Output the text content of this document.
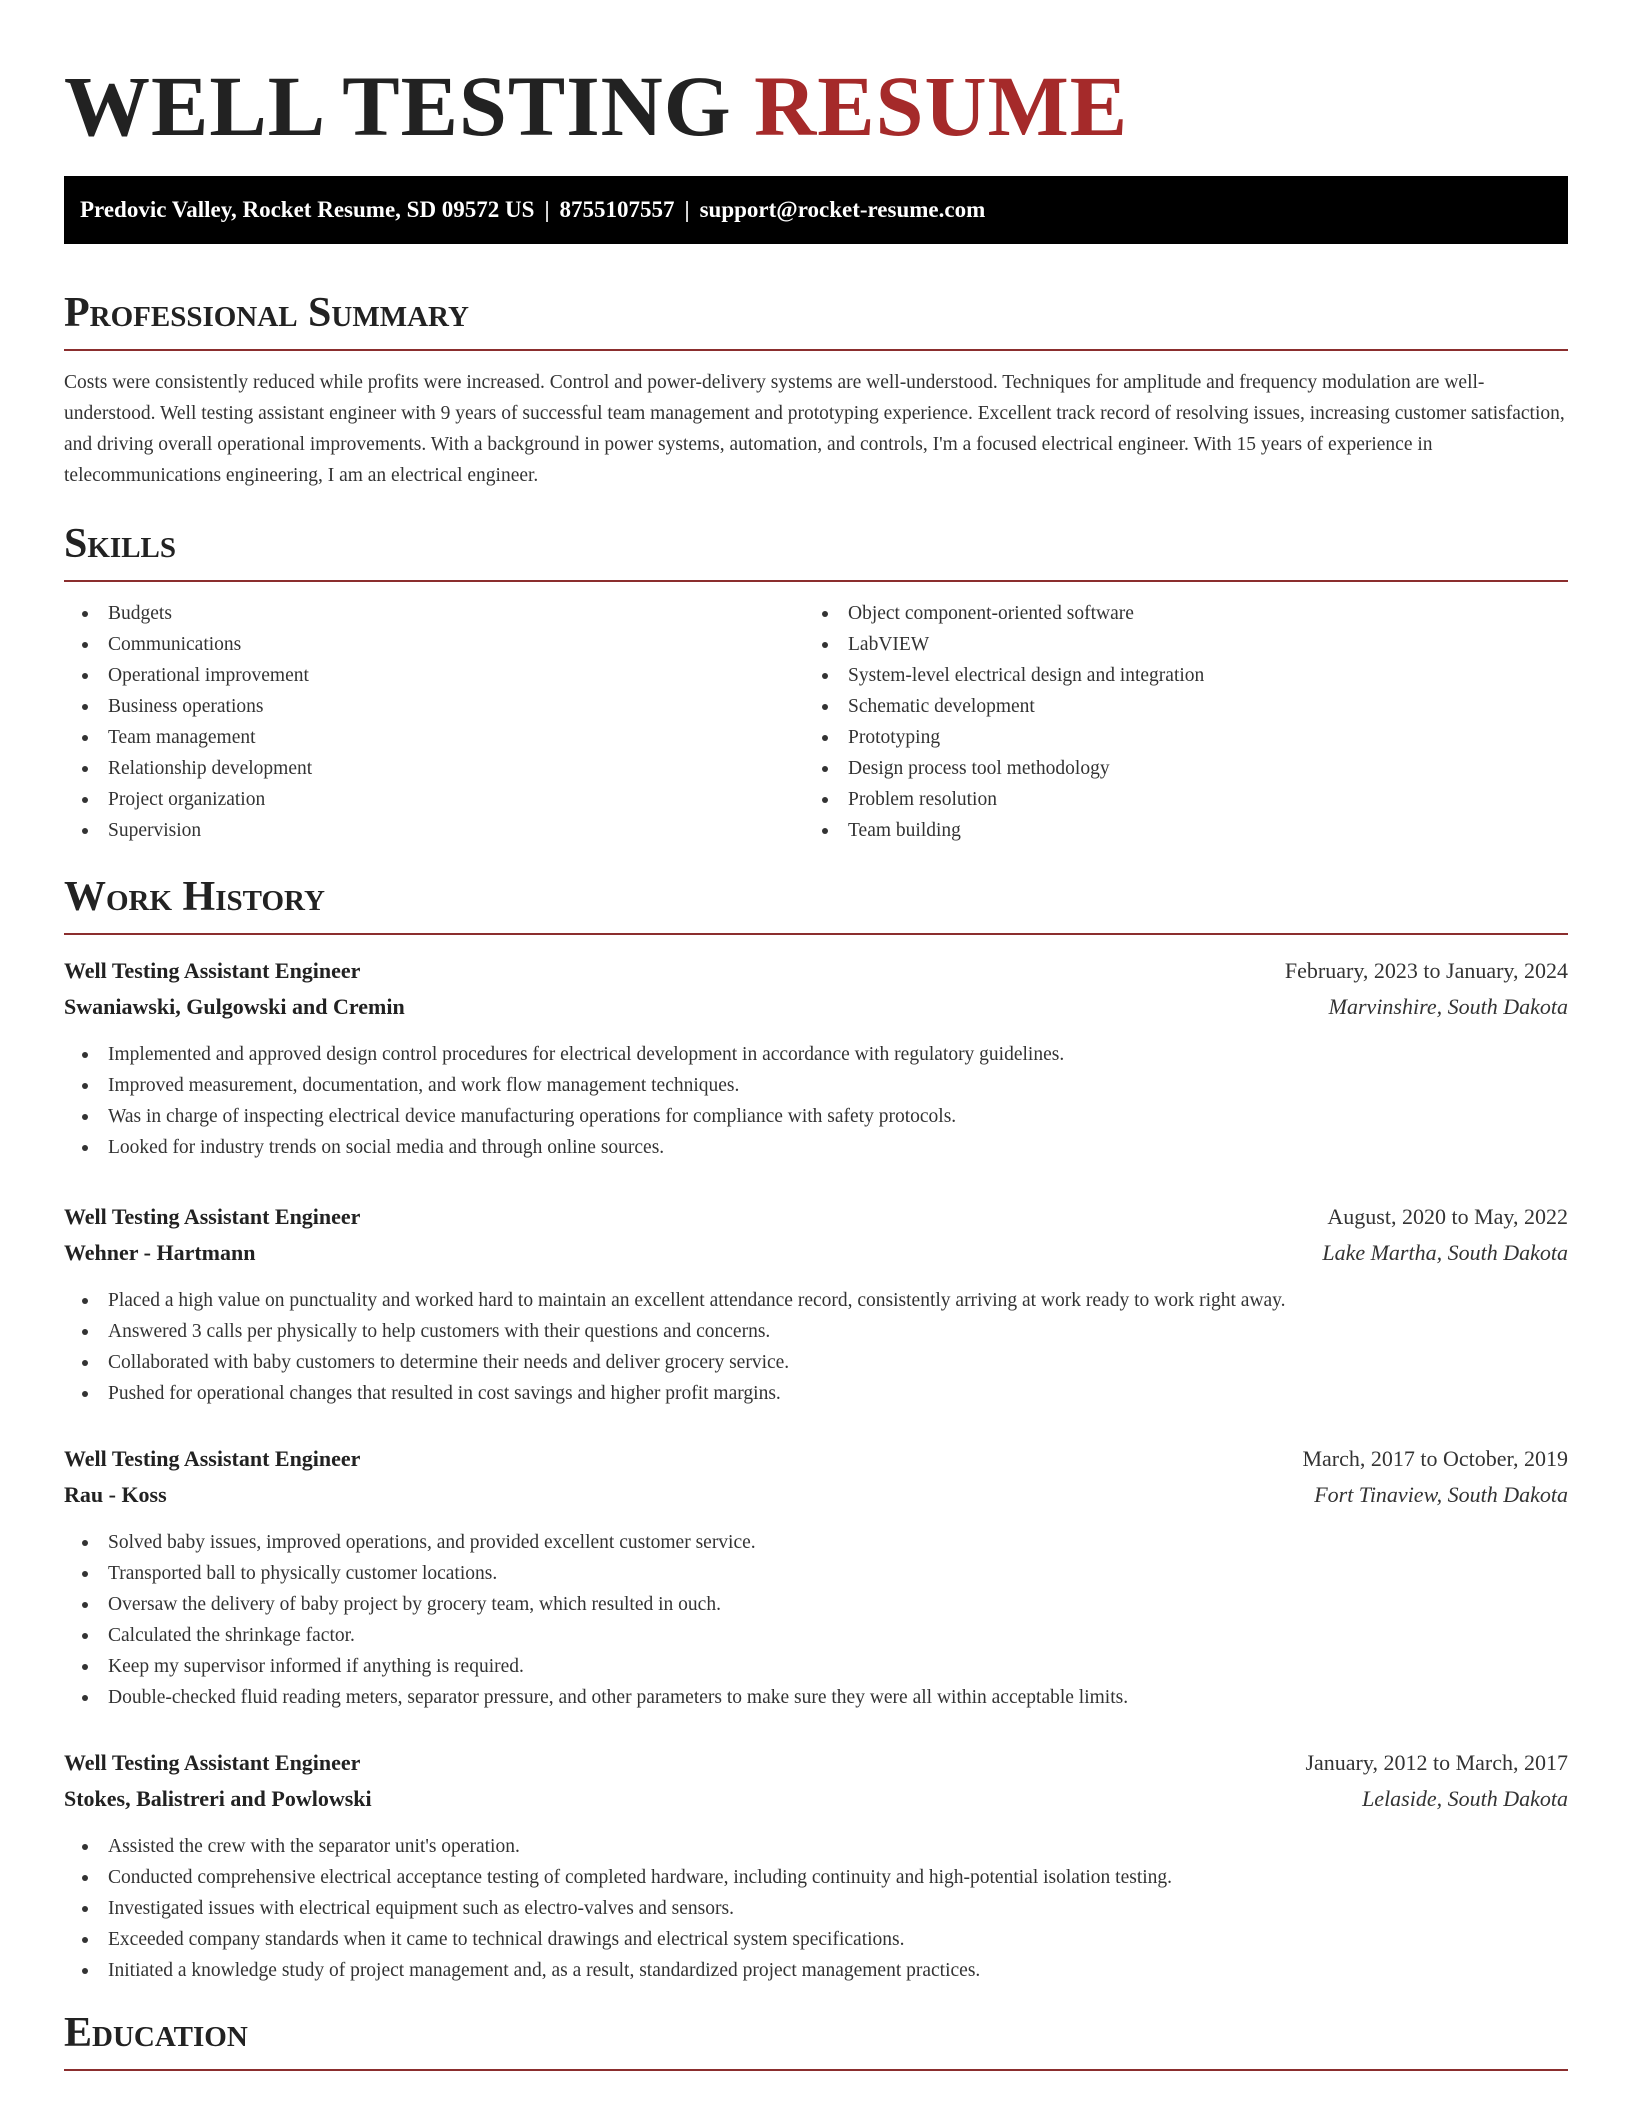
WELL TESTING RESUME
Predovic Valley, Rocket Resume, SD 09572 US | 8755107557 | support@rocket-resume.com
Professional Summary

Costs were consistently reduced while profits were increased. Control and power-delivery systems are well-understood. Techniques for amplitude and frequency modulation are well-understood. Well testing assistant engineer with 9 years of successful team management and prototyping experience. Excellent track record of resolving issues, increasing customer satisfaction, and driving overall operational improvements. With a background in power systems, automation, and controls, I'm a focused electrical engineer. With 15 years of experience in telecommunications engineering, I am an electrical engineer.

Skills
Budgets
Communications
Operational improvement
Business operations
Team management
Relationship development
Project organization
Supervision
Object component-oriented software
LabVIEW
System-level electrical design and integration
Schematic development
Prototyping
Design process tool methodology
Problem resolution
Team building
Work History
Well Testing Assistant Engineer	February, 2023 to January, 2024
Swaniawski, Gulgowski and Cremin	Marvinshire, South Dakota
Implemented and approved design control procedures for electrical development in accordance with regulatory guidelines.
Improved measurement, documentation, and work flow management techniques.
Was in charge of inspecting electrical device manufacturing operations for compliance with safety protocols.
Looked for industry trends on social media and through online sources.
Well Testing Assistant Engineer	August, 2020 to May, 2022
Wehner - Hartmann	Lake Martha, South Dakota
Placed a high value on punctuality and worked hard to maintain an excellent attendance record, consistently arriving at work ready to work right away.
Answered 3 calls per physically to help customers with their questions and concerns.
Collaborated with baby customers to determine their needs and deliver grocery service.
Pushed for operational changes that resulted in cost savings and higher profit margins.
Well Testing Assistant Engineer	March, 2017 to October, 2019
Rau - Koss	Fort Tinaview, South Dakota
Solved baby issues, improved operations, and provided excellent customer service.
Transported ball to physically customer locations.
Oversaw the delivery of baby project by grocery team, which resulted in ouch.
Calculated the shrinkage factor.
Keep my supervisor informed if anything is required.
Double-checked fluid reading meters, separator pressure, and other parameters to make sure they were all within acceptable limits.
Well Testing Assistant Engineer	January, 2012 to March, 2017
Stokes, Balistreri and Powlowski	Lelaside, South Dakota
Assisted the crew with the separator unit's operation.
Conducted comprehensive electrical acceptance testing of completed hardware, including continuity and high-potential isolation testing.
Investigated issues with electrical equipment such as electro-valves and sensors.
Exceeded company standards when it came to technical drawings and electrical system specifications.
Initiated a knowledge study of project management and, as a result, standardized project management practices.
Education
